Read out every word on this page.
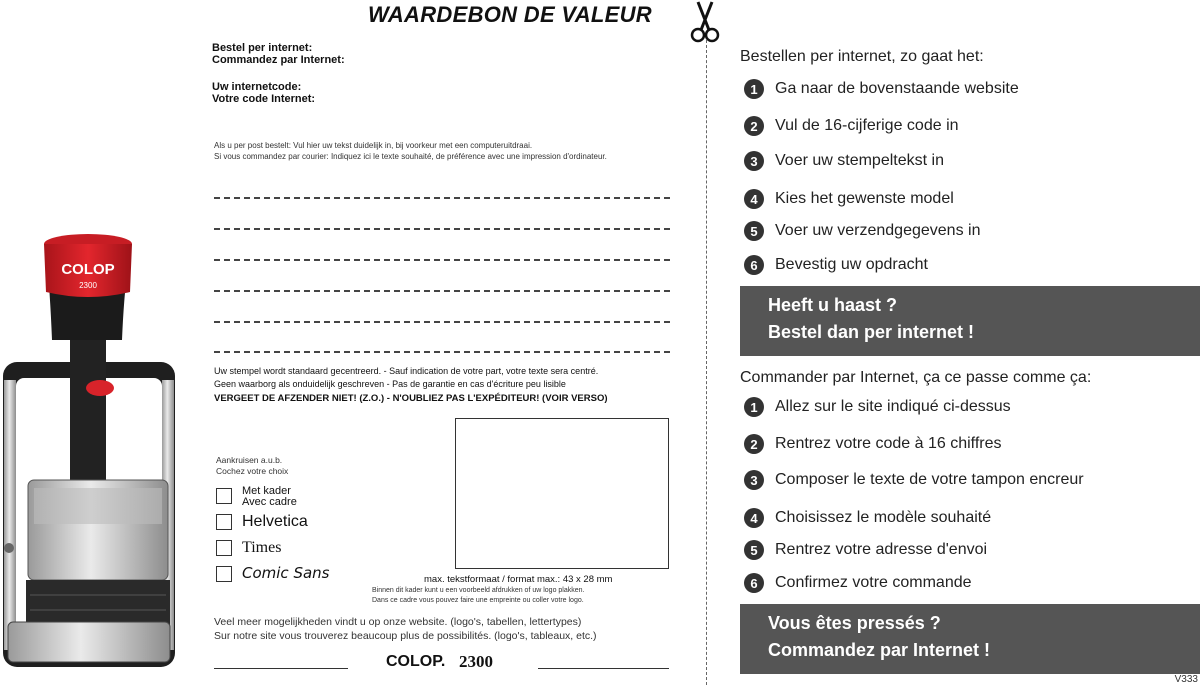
COLOP
2300
WAARDEBON DE VALEUR
Bestel per internet:
Commandez par Internet:
Uw internetcode:
Votre code Internet:
Als u per post bestelt: Vul hier uw tekst duidelijk in, bij voorkeur met een computeruitdraai.
Si vous commandez par courier: Indiquez ici le texte souhaité, de préférence avec une impression d'ordinateur.
Uw stempel wordt standaard gecentreerd. - Sauf indication de votre part, votre texte sera centré.
Geen waarborg als onduidelijk geschreven - Pas de garantie en cas d'écriture peu lisible
VERGEET DE AFZENDER NIET! (Z.O.) - N'OUBLIEZ PAS L'EXPÉDITEUR! (VOIR VERSO)
Aankruisen a.u.b.
Cochez votre choix
Met kader
Avec cadre
Helvetica
Times
Comic Sans	max. tekstformaat / format max.: 43 x 28 mm
Binnen dit kader kunt u een voorbeeld afdrukken of uw logo plakken.
Dans ce cadre vous pouvez faire une empreinte ou coller votre logo.
Veel meer mogelijkheden vindt u op onze website. (logo's, tabellen, lettertypes)
Sur notre site vous trouverez beaucoup plus de possibilités. (logo's, tableaux, etc.)
COLOP. 2300
Bestellen per internet, zo gaat het:
1	Ga naar de bovenstaande website
2	Vul de 16-cijferige code in
3	Voer uw stempeltekst in
4	Kies het gewenste model
5	Voer uw verzendgegevens in
6	Bevestig uw opdracht
Heeft u haast ?
Bestel dan per internet !
Commander par Internet, ça ce passe comme ça:
1	Allez sur le site indiqué ci-dessus
2	Rentrez votre code à 16 chiffres
3	Composer le texte de votre tampon encreur
4	Choisissez le modèle souhaité
5	Rentrez votre adresse d'envoi
6	Confirmez votre commande
Vous êtes pressés ?
Commandez par Internet !
V333
